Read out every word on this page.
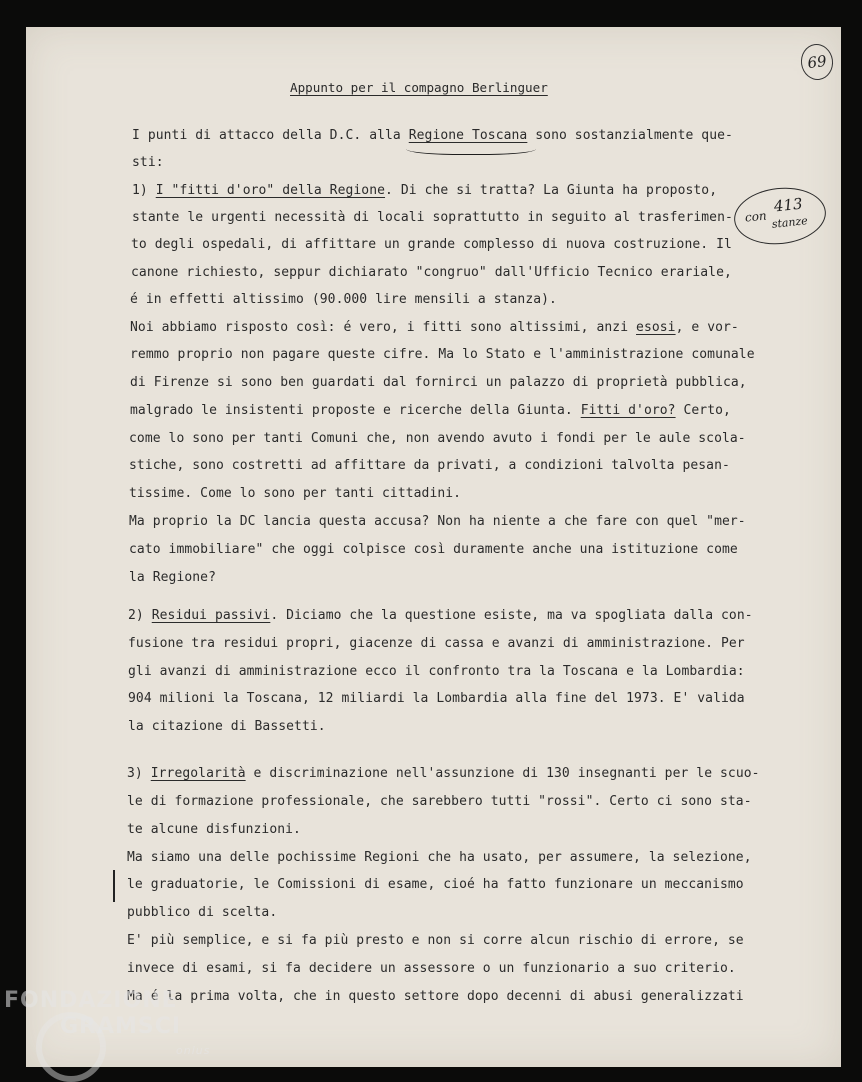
69
Appunto per il compagno Berlinguer
con
413
stanze
I punti di attacco della D.C. alla Regione Toscana sono sostanzialmente que-
sti:
1) I "fitti d'oro" della Regione. Di che si tratta? La Giunta ha proposto,
stante le urgenti necessità di locali soprattutto in seguito al trasferimen-
to degli ospedali, di affittare un grande complesso di nuova costruzione. Il
canone richiesto, seppur dichiarato "congruo" dall'Ufficio Tecnico erariale,
é in effetti altissimo (90.000 lire mensili a stanza).
Noi abbiamo risposto così: é vero, i fitti sono altissimi, anzi esosi, e vor-
remmo proprio non pagare queste cifre. Ma lo Stato e l'amministrazione comunale
di Firenze si sono ben guardati dal fornirci un palazzo di proprietà pubblica,
malgrado le insistenti proposte e ricerche della Giunta. Fitti d'oro? Certo,
come lo sono per tanti Comuni che, non avendo avuto i fondi per le aule scola-
stiche, sono costretti ad affittare da privati, a condizioni talvolta pesan-
tissime. Come lo sono per tanti cittadini.
Ma proprio la DC lancia questa accusa? Non ha niente a che fare con quel "mer-
cato immobiliare" che oggi colpisce così duramente anche una istituzione come
la Regione?
2) Residui passivi. Diciamo che la questione esiste, ma va spogliata dalla con-
fusione tra residui propri, giacenze di cassa e avanzi di amministrazione. Per
gli avanzi di amministrazione ecco il confronto tra la Toscana e la Lombardia:
904 milioni la Toscana, 12 miliardi la Lombardia alla fine del 1973. E' valida
la citazione di Bassetti.
3) Irregolarità e discriminazione nell'assunzione di 130 insegnanti per le scuo-
le di formazione professionale, che sarebbero tutti "rossi". Certo ci sono sta-
te alcune disfunzioni.
Ma siamo una delle pochissime Regioni che ha usato, per assumere, la selezione,
le graduatorie, le Comissioni di esame, cioé ha fatto funzionare un meccanismo
pubblico di scelta.
E' più semplice, e si fa più presto e non si corre alcun rischio di errore, se
invece di esami, si fa decidere un assessore o un funzionario a suo criterio.
Ma é la prima volta, che in questo settore dopo decenni di abusi generalizzati
FONDAZIONE
GRAMSCI
onlus
